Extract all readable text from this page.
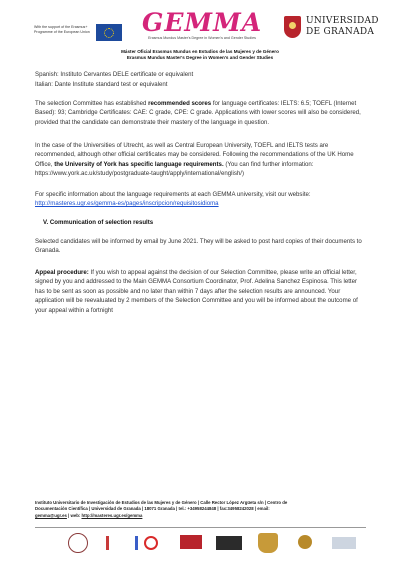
With the support of the Erasmus+ Programme of the European Union GEMMA
Erasmus Mundus Master's Degree in Women's and Gender Studies
UNIVERSIDAD
DE GRANADA
Máster Oficial Erasmus Mundus en Estudios de las Mujeres y de Género
Erasmus Mundus Master's Degree in Women's and Gender Studies

Spanish: Instituto Cervantes DELE certificate or equivalent

Italian: Dante Institute standard test or equivalent

The selection Committee has established recommended scores for language certificates: IELTS: 6.5; TOEFL (Internet Based): 93; Cambridge Certificates: CAE: C grade, CPE: C grade. Applications with lower scores will also be considered, provided that the candidate can demonstrate their mastery of the language in question.

In the case of the Universities of Utrecht, as well as Central European University, TOEFL and IELTS tests are recommended, although other official certificates may be considered. Following the recommendations of the UK Home Office, the University of York has specific language requirements. (You can find further information: https://www.york.ac.uk/study/postgraduate-taught/apply/international/english/)

For specific information about the language requirements at each GEMMA university, visit our website: http://masteres.ugr.es/gemma-es/pages/inscripcion/requisitosidioma

V. Communication of selection results

Selected candidates will be informed by email by June 2021. They will be asked to post hard copies of their documents to Granada.

Appeal procedure: If you wish to appeal against the decision of our Selection Committee, please write an official letter, signed by you and addressed to the Main GEMMA Consortium Coordinator, Prof. Adelina Sanchez Espinosa. This letter has to be sent as soon as possible and no later than within 7 days after the selection results are announced. Your application will be reevaluated by 2 members of the Selection Committee and you will be informed about the outcome of your appeal within a fortnight

Instituto Universitario de Investigación de Estudios de las Mujeres y de Género | Calle Rector López Argüeta s/n | Centro de
Documentación Científica | Universidad de Granada | 18071 Granada | tel.: +34958244848 | fax:34958242028 | email:
gemma@ugr.es | web: http://masteres.ugr.es/gemma
